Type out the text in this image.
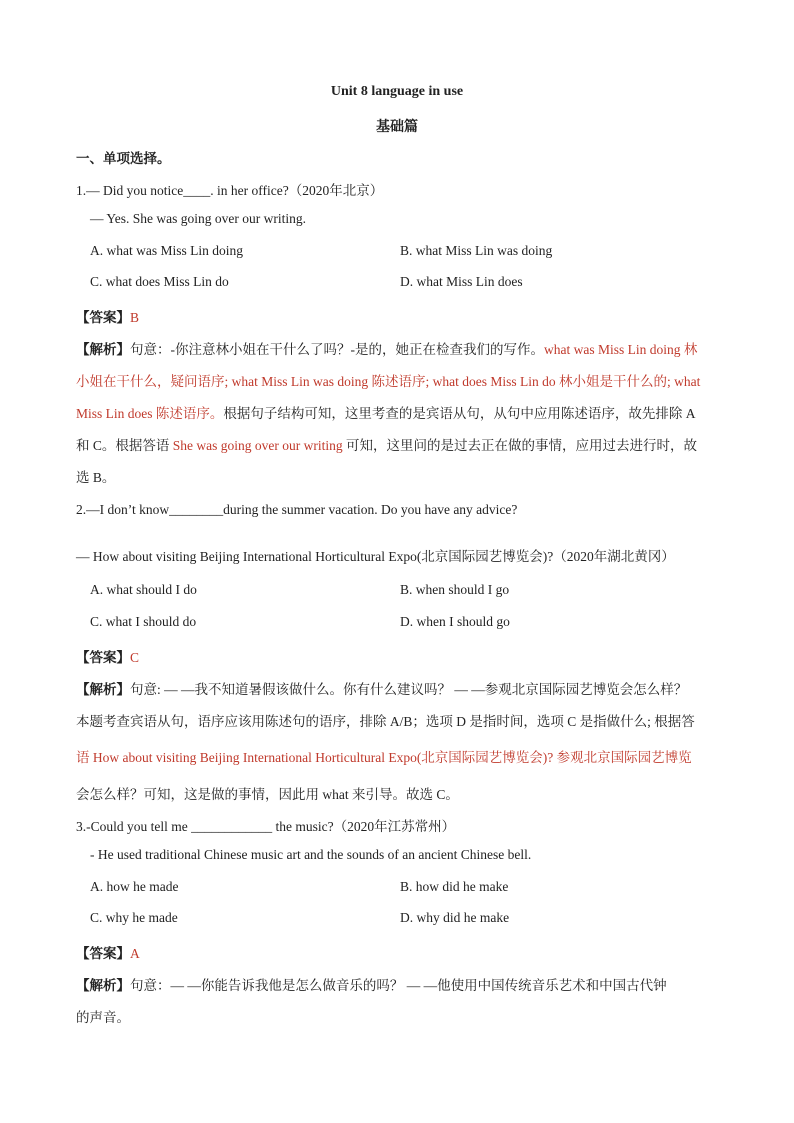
Unit 8 language in use
基础篇
一、单项选择。
1.— Did you notice____. in her office?（2020年北京）
— Yes. She was going over our writing.
A. what was Miss Lin doing	B. what Miss Lin was doing
C. what does Miss Lin do	D. what Miss Lin does
【答案】B
【解析】句意：-你注意林小姐在干什么了吗？-是的，她正在检查我们的写作。what was Miss Lin doing 林
小姐在干什么，疑问语序; what Miss Lin was doing 陈述语序; what does Miss Lin do 林小姐是干什么的; what
Miss Lin does 陈述语序。根据句子结构可知，这里考查的是宾语从句，从句中应用陈述语序，故先排除 A
和 C。根据答语 She was going over our writing 可知，这里问的是过去正在做的事情，应用过去进行时，故
选 B。
2.—I don’t know________during the summer vacation. Do you have any advice?
— How about visiting Beijing International Horticultural Expo(北京国际园艺博览会)?（2020年湖北黄冈）
A. what should I do	B. when should I go
C. what I should do	D. when I should go
【答案】C
【解析】句意: — —我不知道暑假该做什么。你有什么建议吗？ — —参观北京国际园艺博览会怎么样？
本题考查宾语从句，语序应该用陈述句的语序，排除 A/B；选项 D 是指时间，选项 C 是指做什么; 根据答
语 How about visiting Beijing International Horticultural Expo(北京国际园艺博览会)? 参观北京国际园艺博览
会怎么样？可知，这是做的事情，因此用 what 来引导。故选 C。
3.-Could you tell me ____________ the music?（2020年江苏常州）
- He used traditional Chinese music art and the sounds of an ancient Chinese bell.
A. how he made	B. how did he make
C. why he made	D. why did he make
【答案】A
【解析】句意：— —你能告诉我他是怎么做音乐的吗？ — —他使用中国传统音乐艺术和中国古代钟
的声音。
